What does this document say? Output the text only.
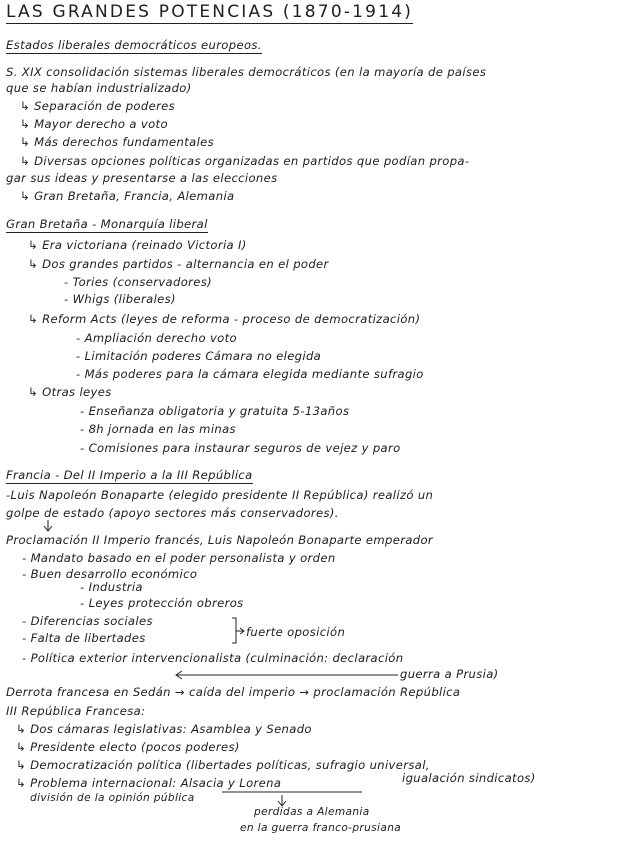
LAS GRANDES POTENCIAS (1870-1914)
Estados liberales democráticos europeos.
S. XIX consolidación sistemas liberales democráticos (en la mayoría de países
que se habían industrializado)
↳ Separación de poderes
↳ Mayor derecho a voto
↳ Más derechos fundamentales
↳ Diversas opciones políticas organizadas en partidos que podían propa-
gar sus ideas y presentarse a las elecciones
↳ Gran Bretaña, Francia, Alemania
Gran Bretaña - Monarquía liberal
↳ Era victoriana (reinado Victoria I)
↳ Dos grandes partidos - alternancia en el poder
- Tories (conservadores)
- Whigs (liberales)
↳ Reform Acts (leyes de reforma - proceso de democratización)
- Ampliación derecho voto
- Limitación poderes Cámara no elegida
- Más poderes para la cámara elegida mediante sufragio
↳ Otras leyes
- Enseñanza obligatoria y gratuita 5-13años
- 8h jornada en las minas
- Comisiones para instaurar seguros de vejez y paro
Francia - Del II Imperio a la III República
-Luis Napoleón Bonaparte (elegido presidente II República) realizó un
golpe de estado (apoyo sectores más conservadores).
Proclamación II Imperio francés, Luis Napoleón Bonaparte emperador
- Mandato basado en el poder personalista y orden
- Buen desarrollo económico
- Industria
- Leyes protección obreros
- Diferencias sociales
- Falta de libertades	fuerte oposición
- Política exterior intervencionalista (culminación: declaración
guerra a Prusia)
Derrota francesa en Sedán → caída del imperio → proclamación República
III República Francesa:
↳ Dos cámaras legislativas: Asamblea y Senado
↳ Presidente electo (pocos poderes)
↳ Democratización política (libertades políticas, sufragio universal,
igualación sindicatos)
↳ Problema internacional: Alsacia y Lorena
división de la opinión pública
perdidas a Alemania
en la guerra franco-prusiana
